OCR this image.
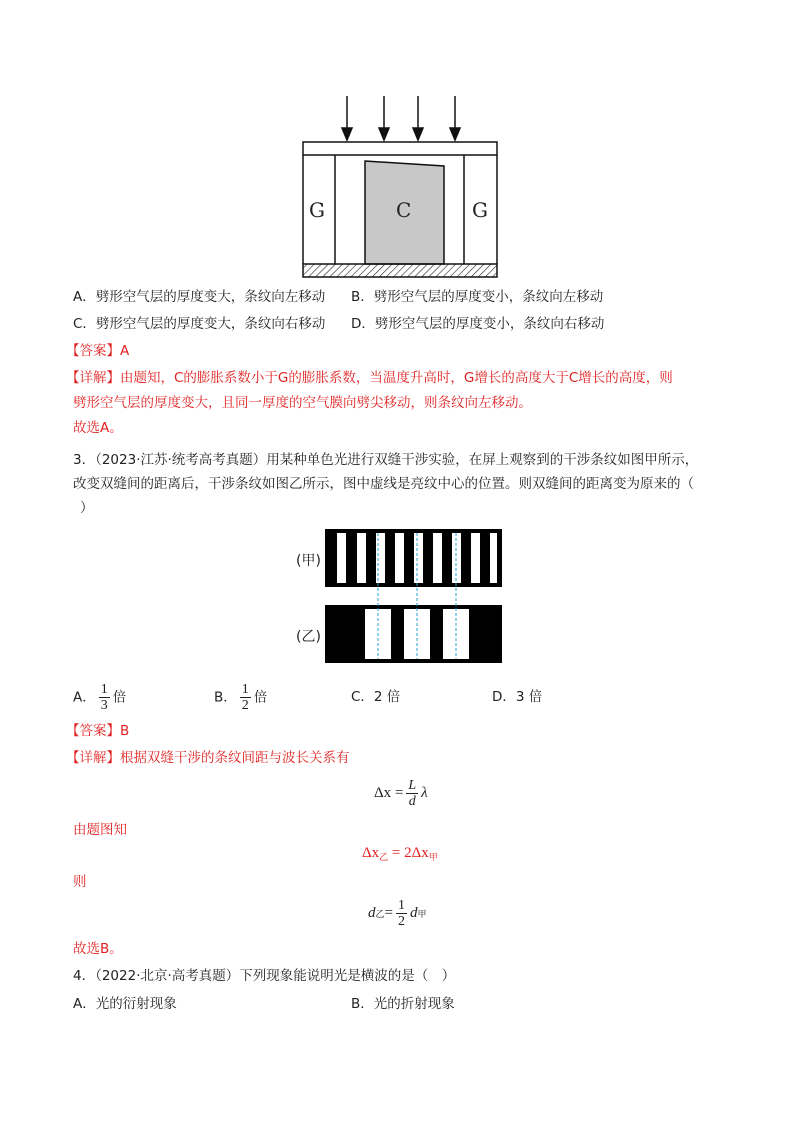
G	C	G
A．劈形空气层的厚度变大，条纹向左移动 B．劈形空气层的厚度变小，条纹向左移动
C．劈形空气层的厚度变大，条纹向右移动 D．劈形空气层的厚度变小，条纹向右移动
【答案】A
【详解】由题知，C的膨胀系数小于G的膨胀系数，当温度升高时，G增长的高度大于C增长的高度，则
劈形空气层的厚度变大，且同一厚度的空气膜向劈尖移动，则条纹向左移动。
故选A。
3．（2023·江苏·统考高考真题）用某种单色光进行双缝干涉实验，在屏上观察到的干涉条纹如图甲所示，
改变双缝间的距离后，干涉条纹如图乙所示，图中虚线是亮纹中心的位置。则双缝间的距离变为原来的（
）
(甲)
(乙)
A． $\frac{1}{3}$ 倍	B． $\frac{1}{2}$ 倍	C．2 倍	D．3 倍
【答案】B
【详解】根据双缝干涉的条纹间距与波长关系有
$\Delta x = \frac{L}{d}$ λ
由题图知
$\Delta x_乙 = 2\Delta x_甲$
则
d 乙 = $\frac{1}{2}$ d 甲
故选B。
4．（2022·北京·高考真题）下列现象能说明光是横波的是（　）
A．光的衍射现象	B．光的折射现象
